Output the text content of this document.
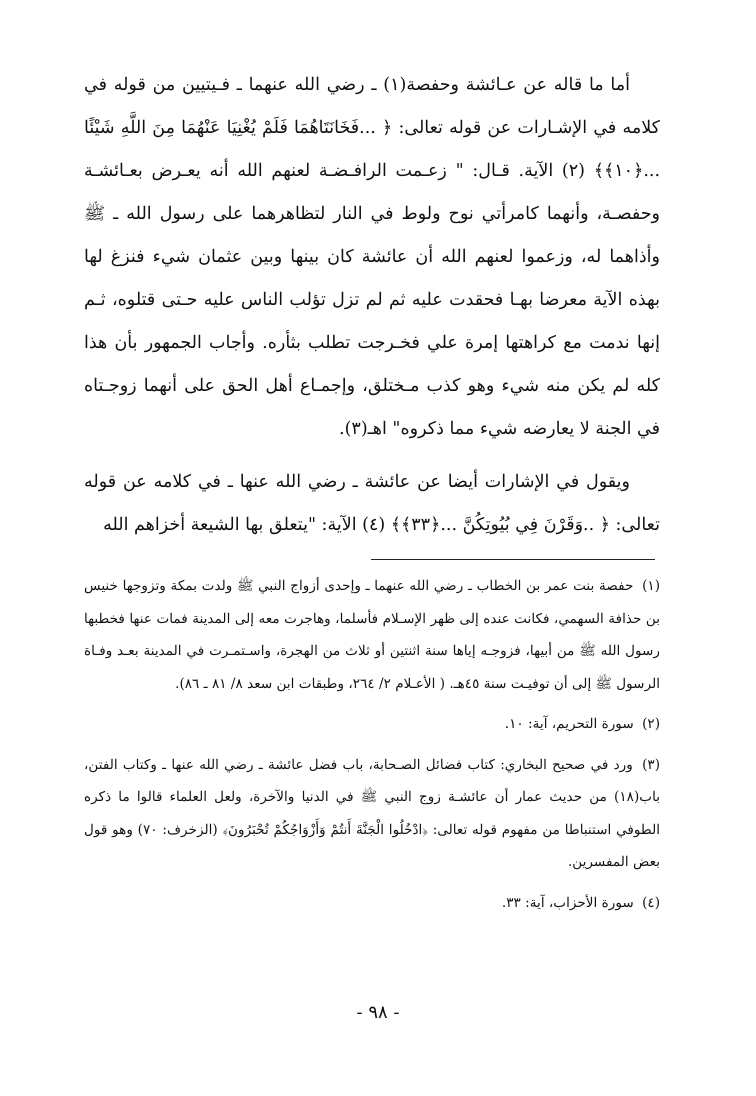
أما ما قاله عن عـائشة وحفصة(١) ـ رضي الله عنهما ـ فـيتيين من قوله في كلامه في الإشـارات عن قوله تعالى: ﴿ ...فَخَانَتَاهُمَا فَلَمْ يُغْنِيَا عَنْهُمَا مِنَ اللَّهِ شَيْئًا ...﴿١٠﴾﴾ (٢) الآية. قـال: " زعـمت الرافـضـة لعنهم الله أنه يعـرض بعـائشـة وحفصـة، وأنهما كامرأتي نوح ولوط في النار لتظاهرهما على رسول الله ـ ﷺ وأذاهما له، وزعموا لعنهم الله أن عائشة كان بينها وبين عثمان شيء فنزغ لها بهذه الآية معرضا بهـا فحقدت عليه ثم لم تزل تؤلب الناس عليه حـتى قتلوه، ثـم إنها ندمت مع كراهتها إمرة علي فخـرجت تطلب بثأره. وأجاب الجمهور بأن هذا كله لم يكن منه شيء وهو كذب مـختلق، وإجمـاع أهل الحق على أنهما زوجـتاه في الجنة لا يعارضه شيء مما ذكروه" اهـ(٣).

ويقول في الإشارات أيضا عن عائشة ـ رضي الله عنها ـ في كلامه عن قوله تعالى: ﴿ ..وَقَرْنَ فِي بُيُوتِكُنَّ ...﴿٣٣﴾﴾ (٤) الآية: "يتعلق بها الشيعة أخزاهم الله

(١) حفصة بنت عمر بن الخطاب ـ رضي الله عنهما ـ وإحدى أزواج النبي ﷺ ولدت بمكة وتزوجها خنيس بن حذافة السهمي، فكانت عنده إلى ظهر الإسـلام فأسلما، وهاجرت معه إلى المدينة فمات عنها فخطبها رسول الله ﷺ من أبيها، فزوجـه إياها سنة اثنتين أو ثلاث من الهجرة، واسـتمـرت في المدينة بعـد وفـاة الرسول ﷺ إلى أن توفيـت سنة ٤٥هـ. ( الأعـلام ٢/ ٢٦٤، وطبقات ابن سعد ٨/ ٨١ ـ ٨٦).
(٢) سورة التحريم، آية: ١٠.
(٣) ورد في صحيح البخاري: كتاب فضائل الصـحابة، باب فضل عائشة ـ رضي الله عنها ـ وكتاب الفتن، باب(١٨) من حديث عمار أن عائشـة زوج النبي ﷺ في الدنيا والآخرة، ولعل العلماء قالوا ما ذكره الطوفي استنباطا من مفهوم قوله تعالى: ﴿ادْخُلُوا الْجَنَّةَ أَنتُمْ وَأَزْوَاجُكُمْ تُحْبَرُونَ﴾ (الزخرف: ٧٠) وهو قول بعض المفسرين.
(٤) سورة الأحزاب، آية: ٣٣.
- ٩٨ -
